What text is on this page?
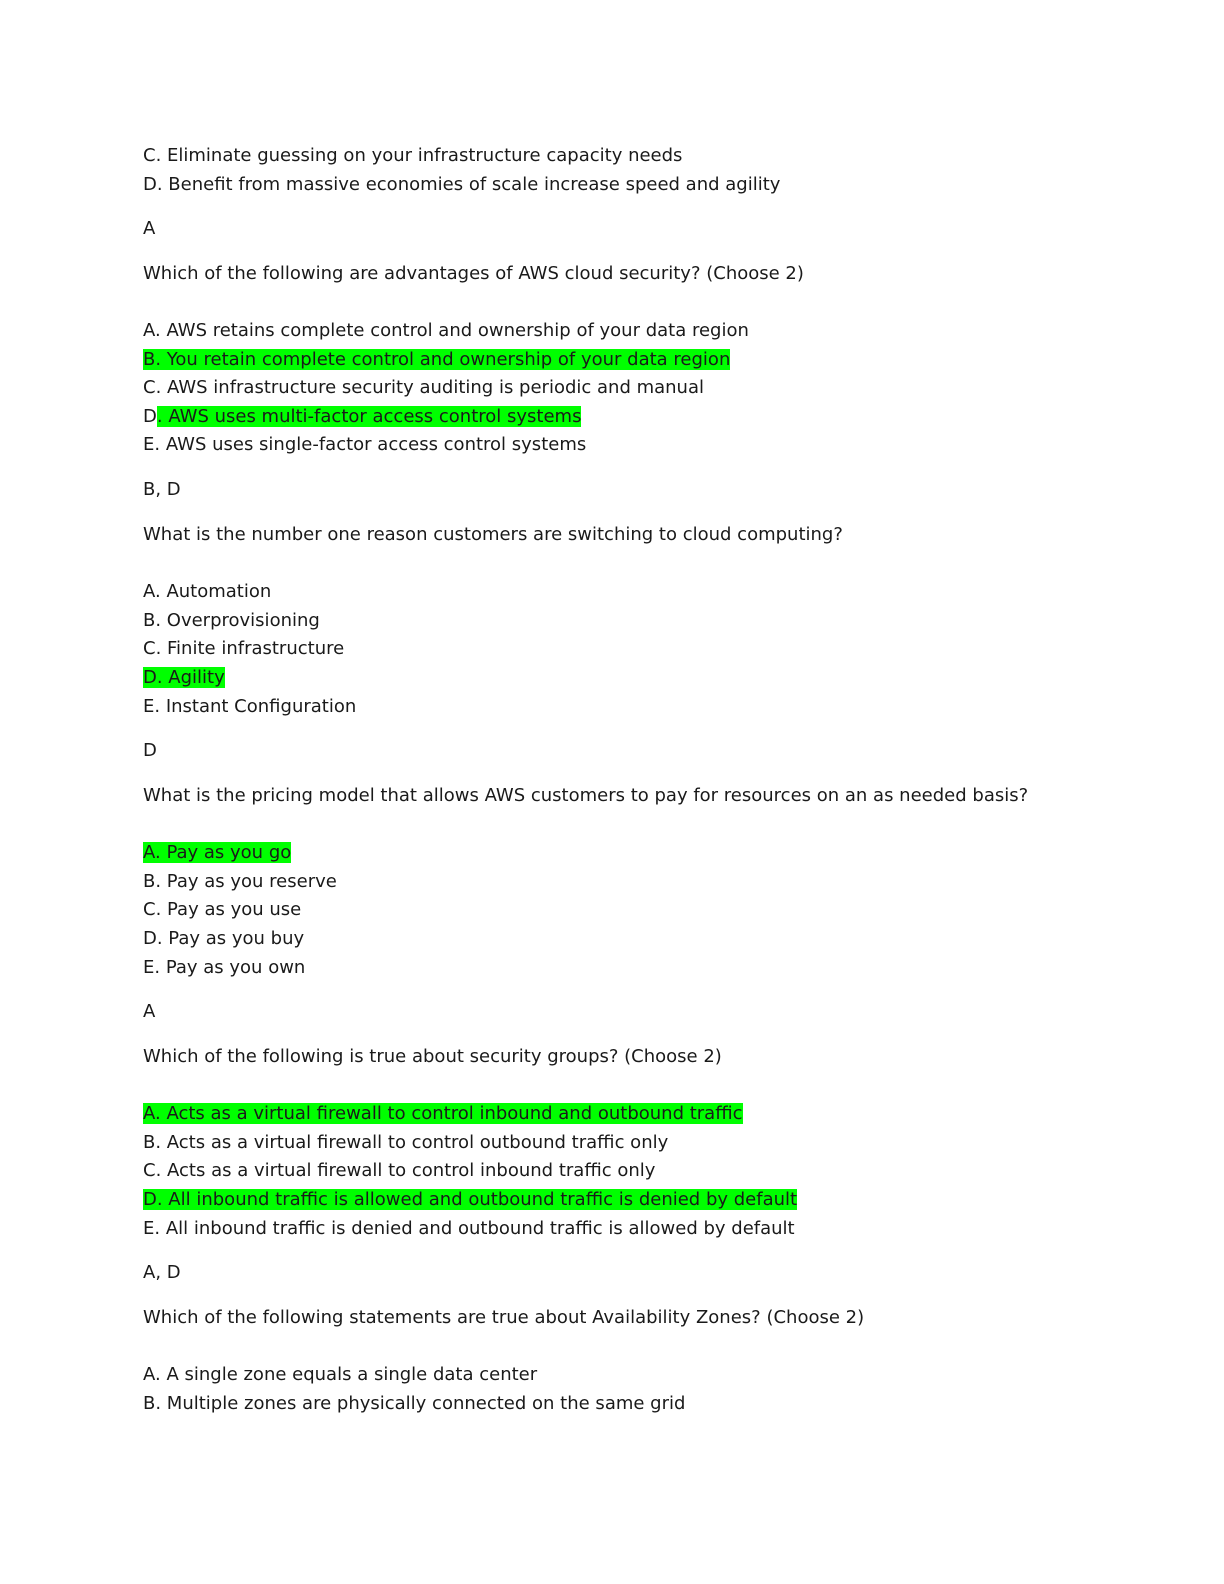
C. Eliminate guessing on your infrastructure capacity needs

D. Benefit from massive economies of scale increase speed and agility

A

Which of the following are advantages of AWS cloud security? (Choose 2)

A. AWS retains complete control and ownership of your data region

B. You retain complete control and ownership of your data region

C. AWS infrastructure security auditing is periodic and manual

D. AWS uses multi-factor access control systems

E. AWS uses single-factor access control systems

B, D

What is the number one reason customers are switching to cloud computing?

A. Automation

B. Overprovisioning

C. Finite infrastructure

D. Agility

E. Instant Configuration

D

What is the pricing model that allows AWS customers to pay for resources on an as needed basis?

A. Pay as you go

B. Pay as you reserve

C. Pay as you use

D. Pay as you buy

E. Pay as you own

A

Which of the following is true about security groups? (Choose 2)

A. Acts as a virtual firewall to control inbound and outbound traffic

B. Acts as a virtual firewall to control outbound traffic only

C. Acts as a virtual firewall to control inbound traffic only

D. All inbound traffic is allowed and outbound traffic is denied by default

E. All inbound traffic is denied and outbound traffic is allowed by default

A, D

Which of the following statements are true about Availability Zones? (Choose 2)

A. A single zone equals a single data center

B. Multiple zones are physically connected on the same grid
